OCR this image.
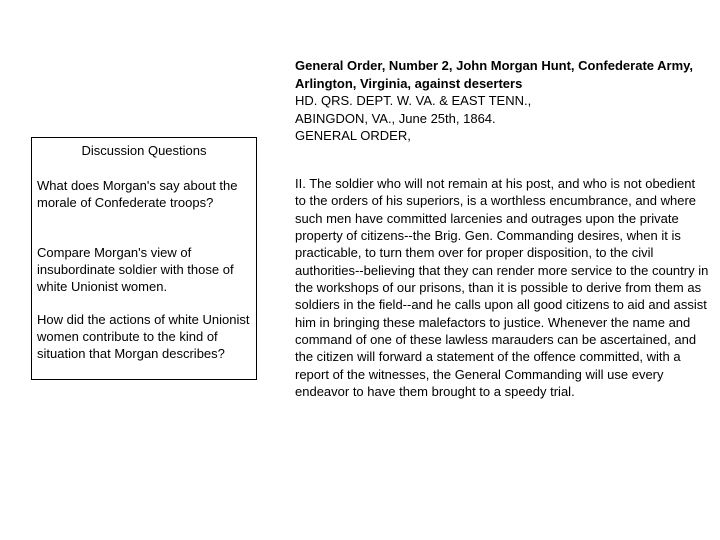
Discussion Questions

What does Morgan's say about the morale of Confederate troops?

Compare Morgan's view of insubordinate soldier with those of white Unionist women.

How did the actions of white Unionist women contribute to the kind of situation that Morgan describes?

General Order, Number 2, John Morgan Hunt, Confederate Army, Arlington, Virginia, against deserters

HD. QRS. DEPT. W. VA. & EAST TENN.,

ABINGDON, VA., June 25th, 1864.

GENERAL ORDER,

II. The soldier who will not remain at his post, and who is not obedient to the orders of his superiors, is a worthless encumbrance, and where such men have committed larcenies and outrages upon the private property of citizens--the Brig. Gen. Commanding desires, when it is practicable, to turn them over for proper disposition, to the civil authorities--believing that they can render more service to the country in the workshops of our prisons, than it is possible to derive from them as soldiers in the field--and he calls upon all good citizens to aid and assist him in bringing these malefactors to justice. Whenever the name and command of one of these lawless marauders can be ascertained, and the citizen will forward a statement of the offence committed, with a report of the witnesses, the General Commanding will use every endeavor to have them brought to a speedy trial.
